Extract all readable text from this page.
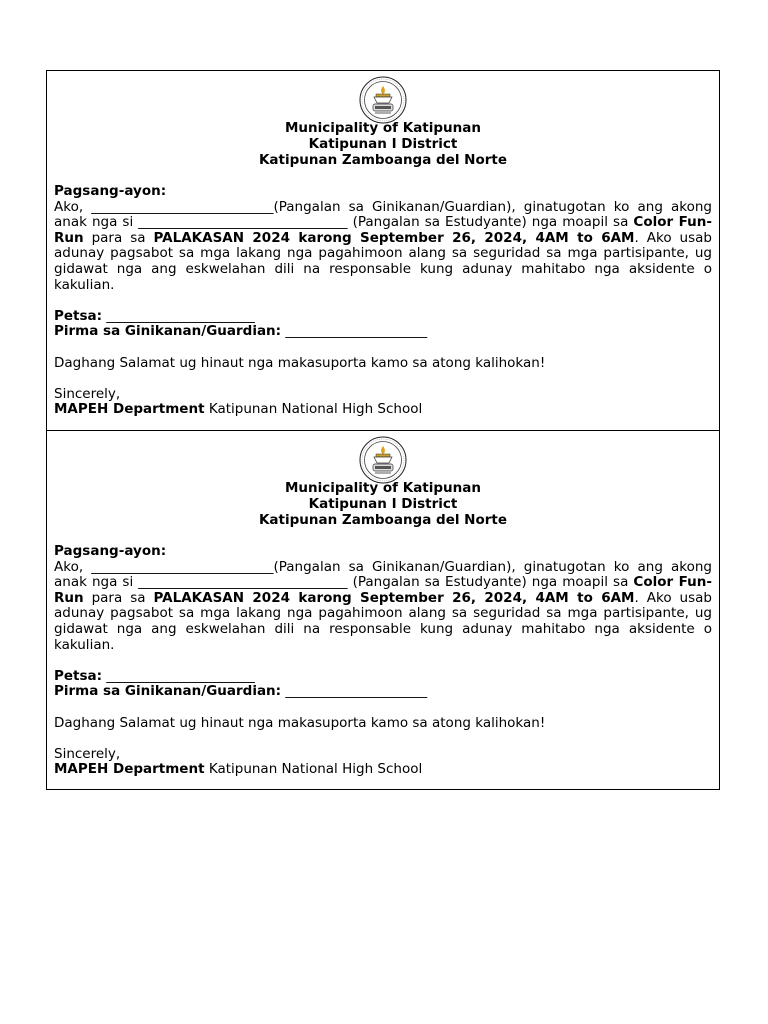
Municipality of Katipunan
Katipunan I District
Katipunan Zamboanga del Norte
Pagsang-ayon:
Ako, ___________________________(Pangalan sa Ginikanan/Guardian), ginatugotan ko ang akong anak nga si _______________________________ (Pangalan sa Estudyante) nga moapil sa Color Fun-Run para sa PALAKASAN 2024 karong September 26, 2024, 4AM to 6AM. Ako usab adunay pagsabot sa mga lakang nga pagahimoon alang sa seguridad sa mga partisipante, ug gidawat nga ang eskwelahan dili na responsable kung adunay mahitabo nga aksidente o kakulian.
Petsa: ______________________
Pirma sa Ginikanan/Guardian: _____________________
Daghang Salamat ug hinaut nga makasuporta kamo sa atong kalihokan!
Sincerely,
MAPEH Department Katipunan National High School
Municipality of Katipunan
Katipunan I District
Katipunan Zamboanga del Norte
Pagsang-ayon:
Ako, ___________________________(Pangalan sa Ginikanan/Guardian), ginatugotan ko ang akong anak nga si _______________________________ (Pangalan sa Estudyante) nga moapil sa Color Fun-Run para sa PALAKASAN 2024 karong September 26, 2024, 4AM to 6AM. Ako usab adunay pagsabot sa mga lakang nga pagahimoon alang sa seguridad sa mga partisipante, ug gidawat nga ang eskwelahan dili na responsable kung adunay mahitabo nga aksidente o kakulian.
Petsa: ______________________
Pirma sa Ginikanan/Guardian: _____________________
Daghang Salamat ug hinaut nga makasuporta kamo sa atong kalihokan!
Sincerely,
MAPEH Department Katipunan National High School
